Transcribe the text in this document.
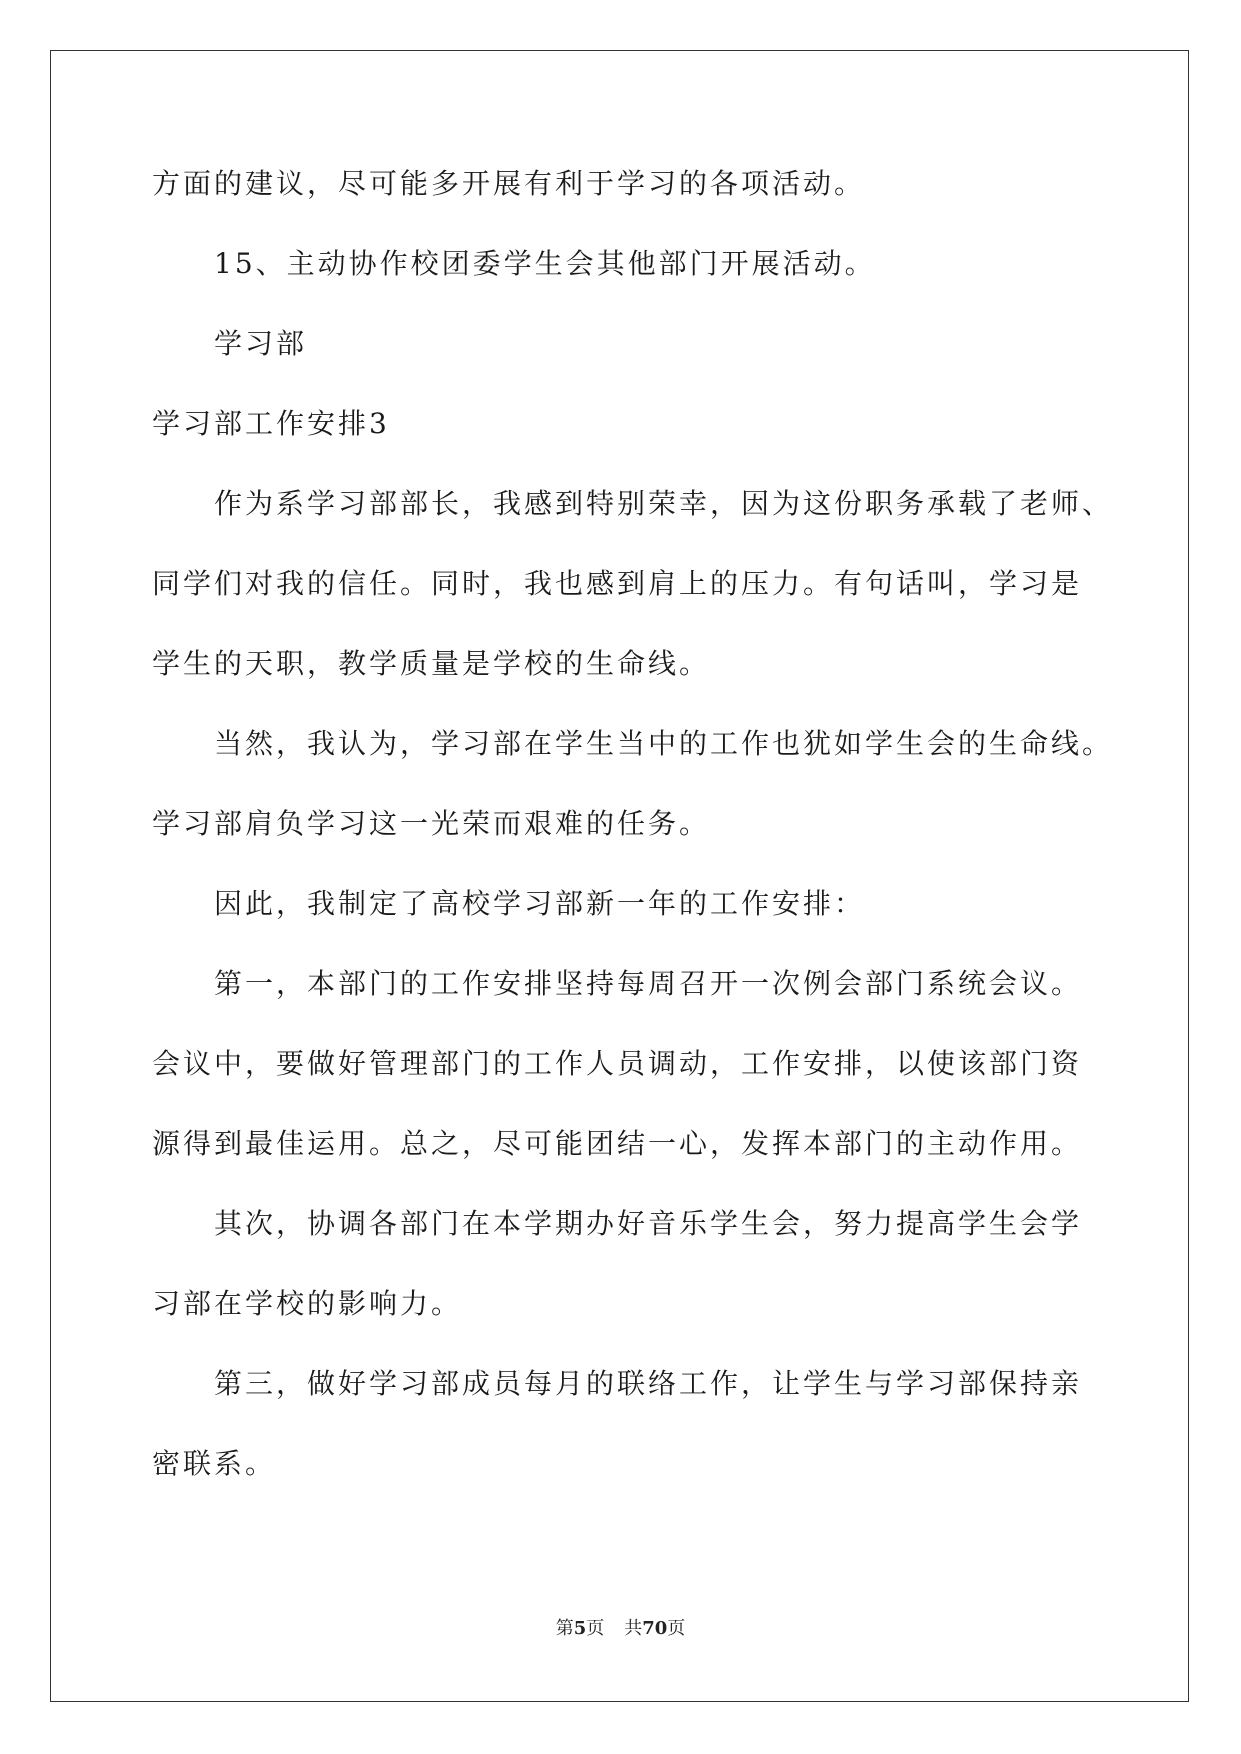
方面的建议，尽可能多开展有利于学习的各项活动。
15、主动协作校团委学生会其他部门开展活动。
学习部
学习部工作安排3
作为系学习部部长，我感到特别荣幸，因为这份职务承载了老师、
同学们对我的信任。同时，我也感到肩上的压力。有句话叫，学习是
学生的天职，教学质量是学校的生命线。
当然，我认为，学习部在学生当中的工作也犹如学生会的生命线。
学习部肩负学习这一光荣而艰难的任务。
因此，我制定了高校学习部新一年的工作安排：
第一，本部门的工作安排坚持每周召开一次例会部门系统会议。
会议中，要做好管理部门的工作人员调动，工作安排，以使该部门资
源得到最佳运用。总之，尽可能团结一心，发挥本部门的主动作用。
其次，协调各部门在本学期办好音乐学生会，努力提高学生会学
习部在学校的影响力。
第三，做好学习部成员每月的联络工作，让学生与学习部保持亲
密联系。
第5页 共70页
